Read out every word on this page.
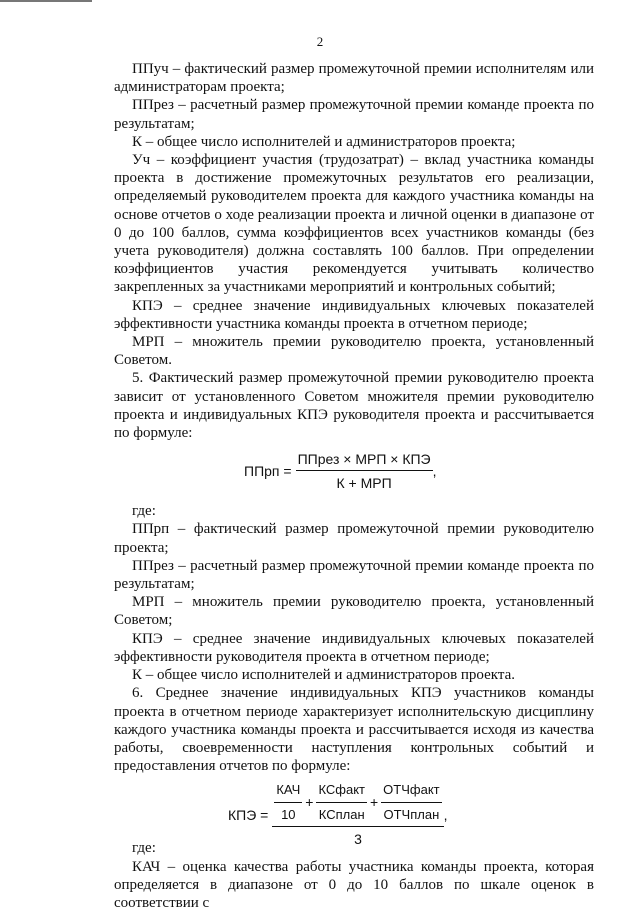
2

ППуч – фактический размер промежуточной премии исполнителям или администраторам проекта;

ППрез – расчетный размер промежуточной премии команде проекта по результатам;

К – общее число исполнителей и администраторов проекта;

Уч – коэффициент участия (трудозатрат) – вклад участника команды проекта в достижение промежуточных результатов его реализации, определяемый руководителем проекта для каждого участника команды на основе отчетов о ходе реализации проекта и личной оценки в диапазоне от 0 до 100 баллов, сумма коэффициентов всех участников команды (без учета руководителя) должна составлять 100 баллов. При определении коэффициентов участия рекомендуется учитывать количество закрепленных за участниками мероприятий и контрольных событий;

КПЭ – среднее значение индивидуальных ключевых показателей эффективности участника команды проекта в отчетном периоде;

МРП – множитель премии руководителю проекта, установленный Советом.

5. Фактический размер промежуточной премии руководителю проекта зависит от установленного Советом множителя премии руководителю проекта и индивидуальных КПЭ руководителя проекта и рассчитывается по формуле:

ППрп = $\frac{\text{ППрез × МРП × КПЭ}}{\text{К + МРП}}$ ,

где:

ППрп – фактический размер промежуточной премии руководителю проекта;

ППрез – расчетный размер промежуточной премии команде проекта по результатам;

МРП – множитель премии руководителю проекта, установленный Советом;

КПЭ – среднее значение индивидуальных ключевых показателей эффективности руководителя проекта в отчетном периоде;

К – общее число исполнителей и администраторов проекта.

6. Среднее значение индивидуальных КПЭ участников команды проекта в отчетном периоде характеризует исполнительскую дисциплину каждого участника команды проекта и рассчитывается исходя из качества работы, своевременности наступления контрольных событий и предоставления отчетов по формуле:

КПЭ = $\frac{\text{КАЧ}}{10} + \frac{\text{КСфакт}}{\text{КСплан}} + \frac{\text{ОТЧфакт}}{\text{ОТЧплан}}$
3
,

где:

КАЧ – оценка качества работы участника команды проекта, которая определяется в диапазоне от 0 до 10 баллов по шкале оценок в соответствии с
